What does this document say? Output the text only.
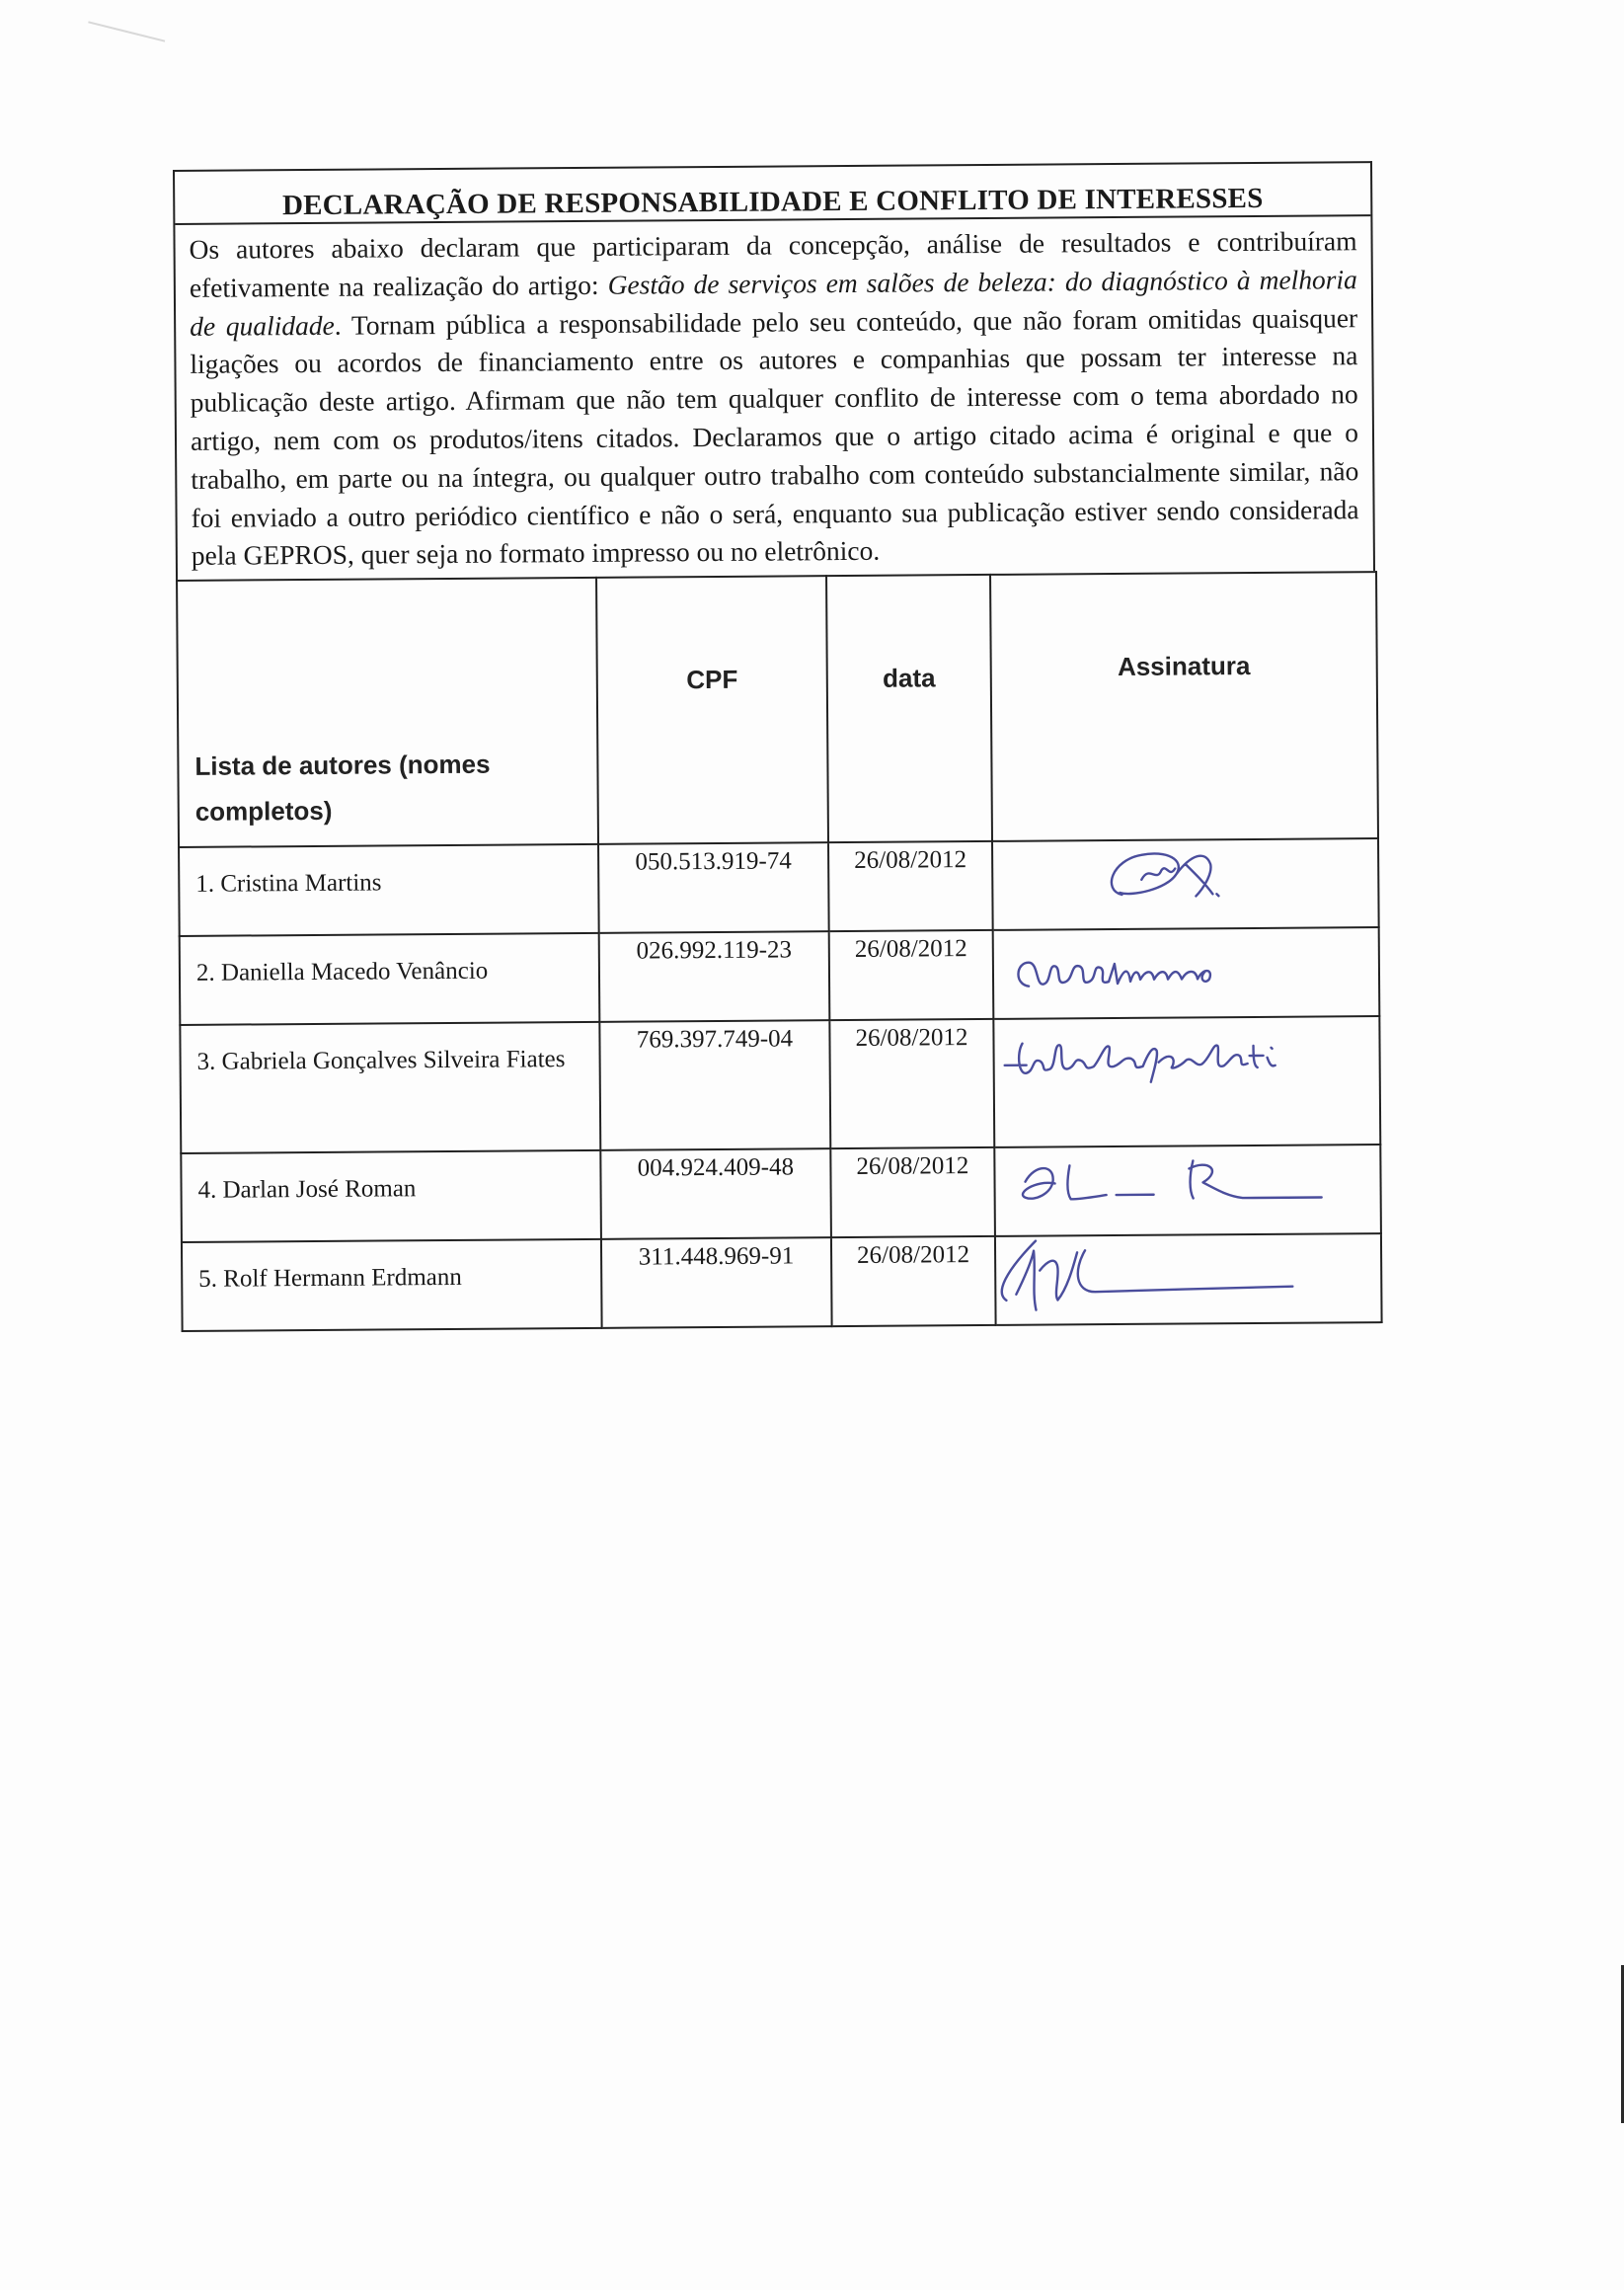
DECLARAÇÃO DE RESPONSABILIDADE E CONFLITO DE INTERESSES

Os autores abaixo declaram que participaram da concepção, análise de resultados e contribuíram efetivamente na realização do artigo: Gestão de serviços em salões de beleza: do diagnóstico à melhoria de qualidade. Tornam pública a responsabilidade pelo seu conteúdo, que não foram omitidas quaisquer ligações ou acordos de financiamento entre os autores e companhias que possam ter interesse na publicação deste artigo. Afirmam que não tem qualquer conflito de interesse com o tema abordado no artigo, nem com os produtos/itens citados. Declaramos que o artigo citado acima é original e que o trabalho, em parte ou na íntegra, ou qualquer outro trabalho com conteúdo substancialmente similar, não foi enviado a outro periódico científico e não o será, enquanto sua publicação estiver sendo considerada pela GEPROS, quer seja no formato impresso ou no eletrônico.

Lista de autores (nomes completos)	CPF	data	Assinatura
1. Cristina Martins	050.513.919-74	26/08/2012	

2. Daniella Macedo Venâncio	026.992.119-23	26/08/2012	

3. Gabriela Gonçalves Silveira Fiates	769.397.749-04	26/08/2012	

4. Darlan José Roman	004.924.409-48	26/08/2012	

5. Rolf Hermann Erdmann	311.448.969-91	26/08/2012	
